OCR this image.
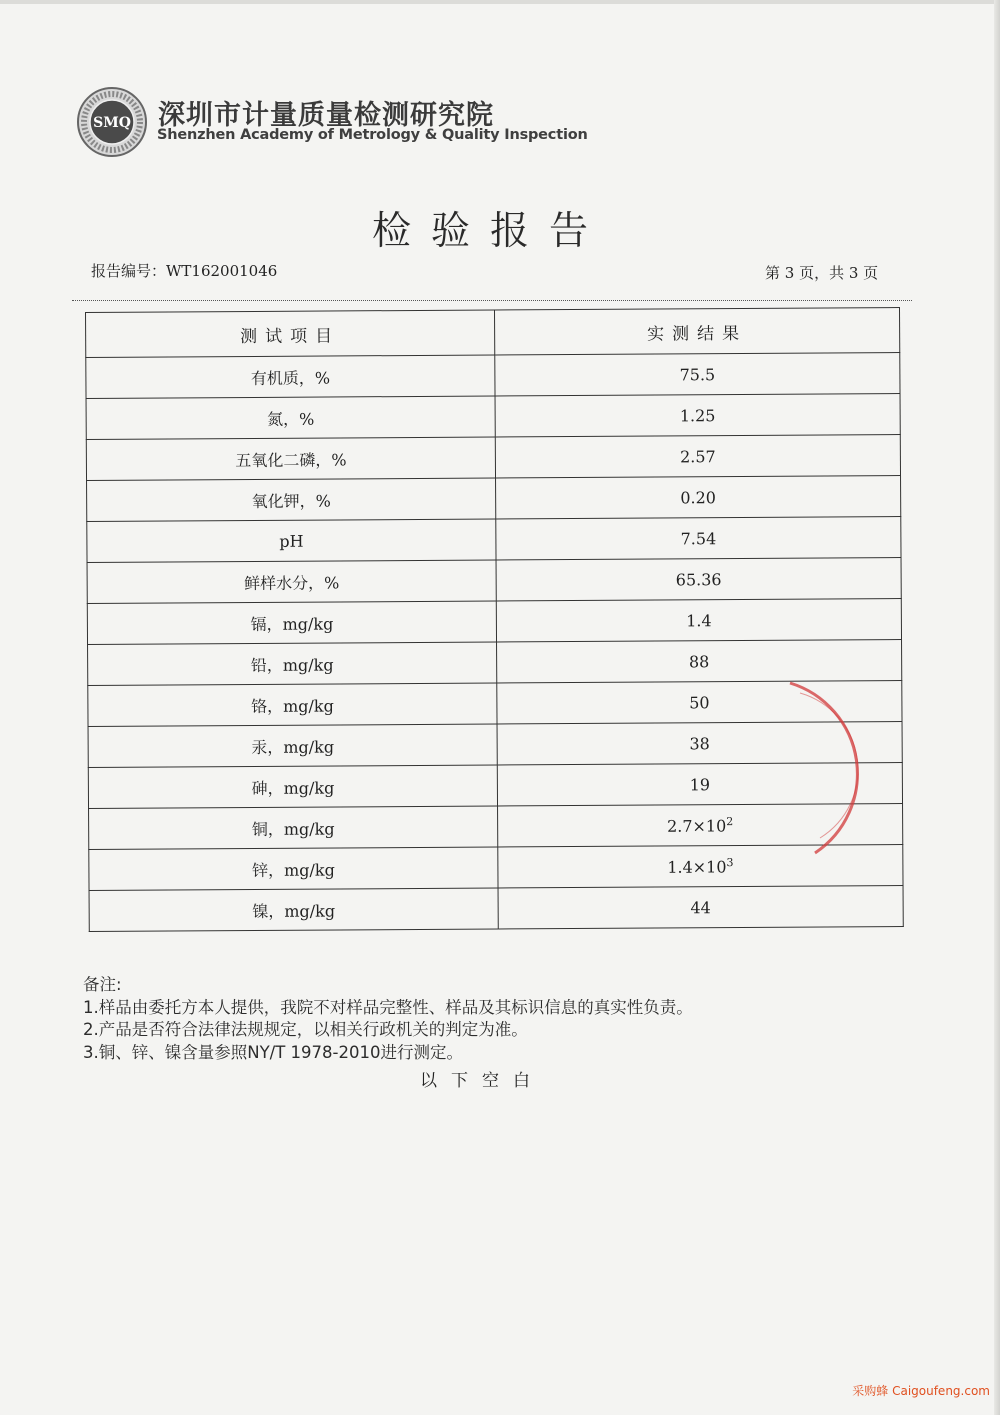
SMQ 深圳市计量质量检测研究院
Shenzhen Academy of Metrology & Quality Inspection
检验报告
报告编号：WT162001046	第 3 页，共 3 页
测试项目	实测结果
有机质，%	75.5
氮，%	1.25
五氧化二磷，%	2.57
氧化钾，%	0.20
pH	7.54
鲜样水分，%	65.36
镉，mg/kg	1.4
铅，mg/kg	88
铬，mg/kg	50
汞，mg/kg	38
砷，mg/kg	19
铜，mg/kg	$2.7\times 10^2$
锌，mg/kg	$1.4\times 10^3$
镍，mg/kg	44
备注:
1.样品由委托方本人提供，我院不对样品完整性、样品及其标识信息的真实性负责。
2.产品是否符合法律法规规定，以相关行政机关的判定为准。
3.铜、锌、镍含量参照NY/T 1978-2010进行测定。
以下空白
采购蜂 Caigoufeng.com
